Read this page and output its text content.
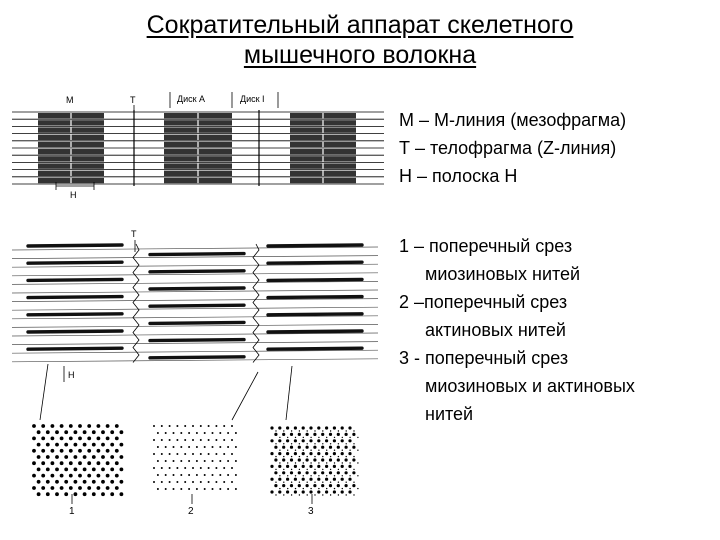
Сократительный аппарат скелетного
мышечного волокна
М – М-линия (мезофрагма)
Т – телофрагма (Z-линия)
Н – полоска Н
1 – поперечный срез
миозиновых нитей
2 –поперечный срез
актиновых нитей
3 - поперечный срез
миозиновых и актиновых
нитей
М	Т	Диск А	Диск I
Н
Т
Н
1	2	3
